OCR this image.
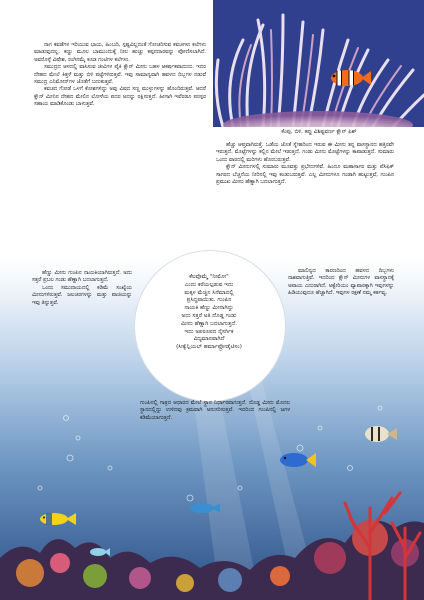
ಕೆಂಪು, ಬಿಳಿ, ಕಪ್ಪು ವಿಶಿಷ್ಟವರ್ಣ ಕ್ಲೌನ್ ಫಿಶ್

ನಾಗ ಕವಡೆಗಳ ಇರಿಯುವ ಛಾಯ, ಹಿಂಬದಿ, ಸ್ಪಷ್ಟವಿಲ್ಲದಂತೆ ಗೋಚರಿಸುವ ಕವಚಗಳು ಕಲೆಗಳು ಮಾಡುವುದಲ್ಲ. ಕಣ್ಣು ಮೂಲ ಬಾಮುಂದುಕ್ಕೆ ನೀಲ ಹುಚ್ಚು ಕಪ್ಪನದಾರವನ್ನು ಪೋಣಿಸಲಾಗಿದೆ. ಅವರೊಳ್ಳೆ ವಿಷೇಶ, ರಂಗಿನಮೈ ಕೂಡ ಗಂಟಿಗಳ ಕಲೆಗಳು.

ಸಮುದ್ರದ ಆಳದಲ್ಲಿ ವಾಸಿಸುವ ಜೀವಿಗಳ ಪೈಕಿ ಕ್ಲೌನ್ ಮೀನು ಬಹಳ ಆಕರ್ಷಕವಾದುದು. ಇದರ ದೇಹದ ಮೇಲೆ ಕಿತ್ತಳೆ ಮತ್ತು ಬಿಳಿ ಪಟ್ಟೆಗಳಿರುತ್ತವೆ. ಇವು ಸಾಮಾನ್ಯವಾಗಿ ಹವಳದ ದಿಬ್ಬಗಳ ನಡುವೆ ಸಮುದ್ರ ಎನಿಮೋನ್‌ಗಳ ಜೊತೆಗೆ ಬದುಕುತ್ತವೆ.

ಕವಚದ ಗೋಡೆ ಒಳಗೆ ಕೋಶಗಳಿದ್ದು ಅವು ವಿಷದ ಸಣ್ಣ ಮುಳ್ಳುಗಳನ್ನು ಹೊಂದಿರುತ್ತವೆ. ಆದರೆ ಕ್ಲೌನ್ ಮೀನಿನ ದೇಹದ ಮೇಲಿನ ಲೋಳೆಯ ಪದರ ಅದನ್ನು ರಕ್ಷಿಸುತ್ತದೆ. ಹೀಗಾಗಿ ಇವೆರಡೂ ಪರಸ್ಪರ ಸಹಾಯ ಮಾಡಿಕೊಂಡು ಬಾಳುತ್ತವೆ.

ಹೆಚ್ಚು ಆಪ್ತವಾಗಿರುತ್ತೆ. ಒಡೆಯ ಜೊತೆ ಸ್ನೇಹದಿಂದ ಇರುವ ಈ ಮೀನು ತನ್ನ ವಾಸಸ್ಥಾನದ ಹತ್ತಿರವೇ ಇರುತ್ತದೆ. ಮೊಟ್ಟೆಗಳನ್ನು ಕಲ್ಲಿನ ಮೇಲೆ ಇಡುತ್ತದೆ. ಗಂಡು ಮೀನು ಮೊಟ್ಟೆಗಳನ್ನು ಕಾಪಾಡುತ್ತದೆ. ಸುಮಾರು ಒಂದು ವಾರದಲ್ಲಿ ಮರಿಗಳು ಹೊರಬರುತ್ತವೆ.

ಕ್ಲೌನ್ ಮೀನುಗಳಲ್ಲಿ ಸುಮಾರು ಮೂವತ್ತು ಪ್ರಭೇದಗಳಿವೆ. ಹಿಂದೂ ಮಹಾಸಾಗರ ಮತ್ತು ಪೆಸಿಫಿಕ್ ಸಾಗರದ ಬೆಚ್ಚನೆಯ ನೀರಿನಲ್ಲಿ ಇವು ಕಂಡುಬರುತ್ತವೆ. ಎಲ್ಲ ಮೀನುಗಳೂ ಗಂಡಾಗಿ ಹುಟ್ಟುತ್ತವೆ, ಗುಂಪಿನ ಪ್ರಮುಖ ಮೀನು ಹೆಣ್ಣಾಗಿ ಬದಲಾಗುತ್ತದೆ.

ಹೆಣ್ಣು ಮೀನು ಗುಂಪಿನ ನಾಯಕಿಯಾಗಿರುತ್ತದೆ. ಅದು ಸತ್ತರೆ ಪ್ರಬಲ ಗಂಡು ಹೆಣ್ಣಾಗಿ ಬದಲಾಗುತ್ತದೆ.

ಒಂದು ಸಮುದಾಯದಲ್ಲಿ ಕಡಿಮೆ ಸಂಖ್ಯೆಯ ಮೀನುಗಳಿರುತ್ತವೆ. ಜಲಚರಗಳನ್ನು ಮತ್ತು ಪಾಚಿಯನ್ನು ಇವು ತಿನ್ನುತ್ತವೆ.

ಮಾಲಿನ್ಯದ ಕಾರಣದಿಂದ ಹವಳದ ದಿಬ್ಬಗಳು ನಾಶವಾಗುತ್ತಿವೆ. ಇದರಿಂದ ಕ್ಲೌನ್ ಮೀನುಗಳ ವಾಸಸ್ಥಾನಕ್ಕೆ ಅಪಾಯ ಎದುರಾಗಿದೆ. ಅಕ್ವೇರಿಯಂ ವ್ಯಾಪಾರಕ್ಕಾಗಿ ಇವುಗಳನ್ನು ಹಿಡಿಯುವುದೂ ಹೆಚ್ಚಾಗಿದೆ. ಇವುಗಳ ರಕ್ಷಣೆ ನಮ್ಮ ಕರ್ತವ್ಯ.

ಕೆಲವೊಮ್ಮೆ "ನೀಮೋ"
ಎಂದು ಕರೆಯಲ್ಪಡುವ ಇದು
ಮಕ್ಕಳ ಮೆಚ್ಚಿನ ಸಿನೆಮಾದಲ್ಲಿ
ಪ್ರಸಿದ್ಧವಾಯಿತು. ಗುಂಪಿನ
ನಾಯಕಿ ಹೆಣ್ಣು ಮೀನಾಗಿದ್ದು
ಅದು ಸತ್ತರೆ ಅತಿ ದೊಡ್ಡ ಗಂಡು
ಮೀನು ಹೆಣ್ಣಾಗಿ ಬದಲಾಗುತ್ತದೆ.
ಇದು ಅಪರೂಪದ ನೈಸರ್ಗಿಕ
ವಿದ್ಯಮಾನವಾಗಿದೆ
(ಸೀಕ್ವೆನ್ಷಿಯಲ್ ಹರ್ಮಾಫ್ರೋಡೈಟಿಸಂ)
ಗುಂಪಿನಲ್ಲಿ ಗಾತ್ರದ ಆಧಾರದ ಮೇಲೆ ಸ್ಥಾನ ನಿರ್ಧಾರವಾಗುತ್ತದೆ. ದೊಡ್ಡ ಮೀನು ಮೊದಲ ಸ್ಥಾನದಲ್ಲಿದ್ದು ಉಳಿದವು ಕ್ರಮವಾಗಿ ಅನುಸರಿಸುತ್ತವೆ. ಇದರಿಂದ ಗುಂಪಿನಲ್ಲಿ ಜಗಳ ಕಡಿಮೆಯಾಗುತ್ತದೆ.
